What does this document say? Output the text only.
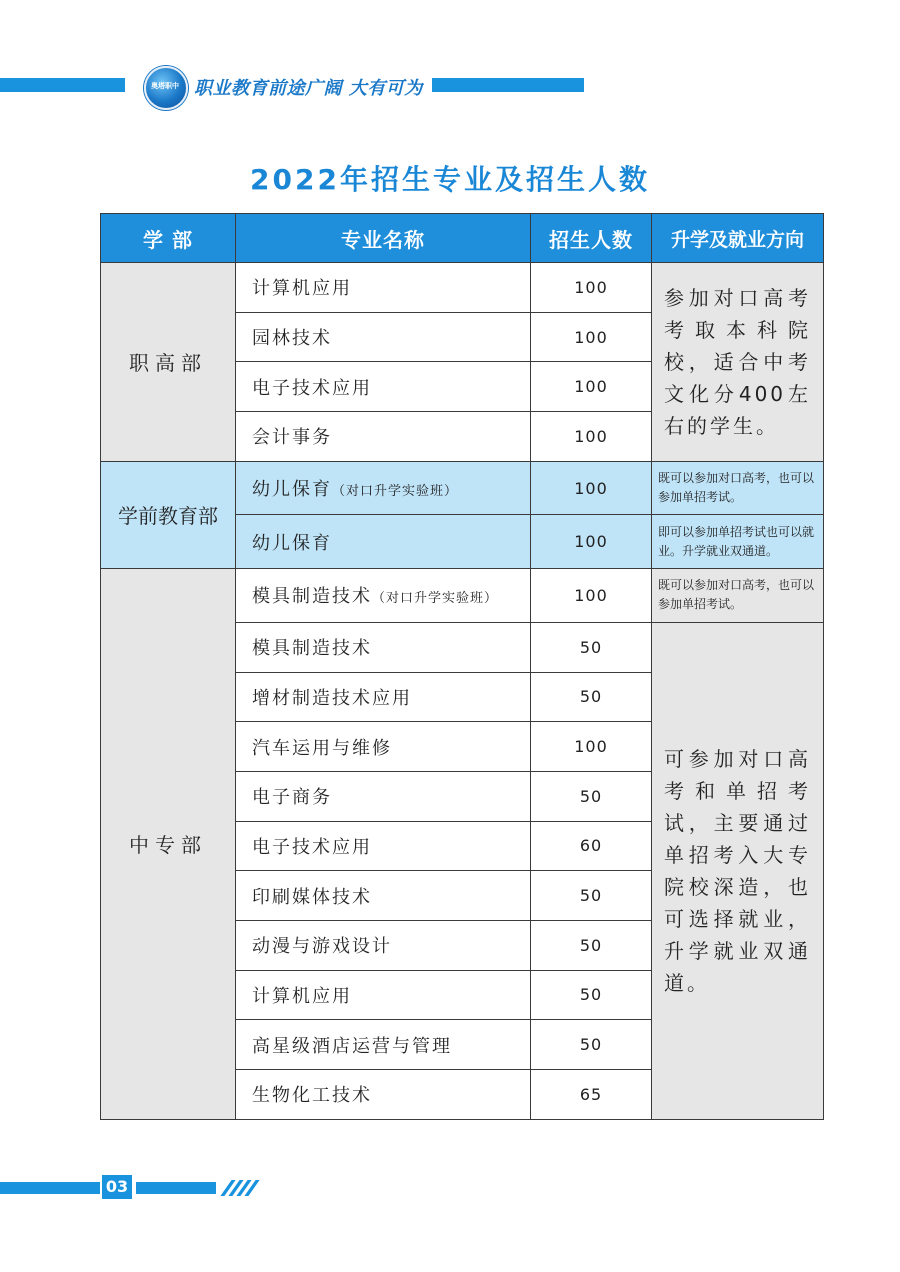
奥塔职中 职业教育前途广阔 大有可为
2022年招生专业及招生人数
学 部	专业名称	招生人数	升学及就业方向
职高部	计算机应用	100	参加对口高考考取本科院校，适合中考文化分400左右的学生。
	园林技术	100	
	电子技术应用	100	
	会计事务	100	
学前教育部	幼儿保育（对口升学实验班）	100	既可以参加对口高考，也可以参加单招考试。
	幼儿保育	100	即可以参加单招考试也可以就业。升学就业双通道。
中专部	模具制造技术（对口升学实验班）	100	既可以参加对口高考，也可以参加单招考试。
	模具制造技术	50	可参加对口高考和单招考试，主要通过单招考入大专院校深造，也可选择就业，升学就业双通道。
	增材制造技术应用	50	
	汽车运用与维修	100	
	电子商务	50	
	电子技术应用	60	
	印刷媒体技术	50	
	动漫与游戏设计	50	
	计算机应用	50	
	高星级酒店运营与管理	50	
	生物化工技术	65	
03
